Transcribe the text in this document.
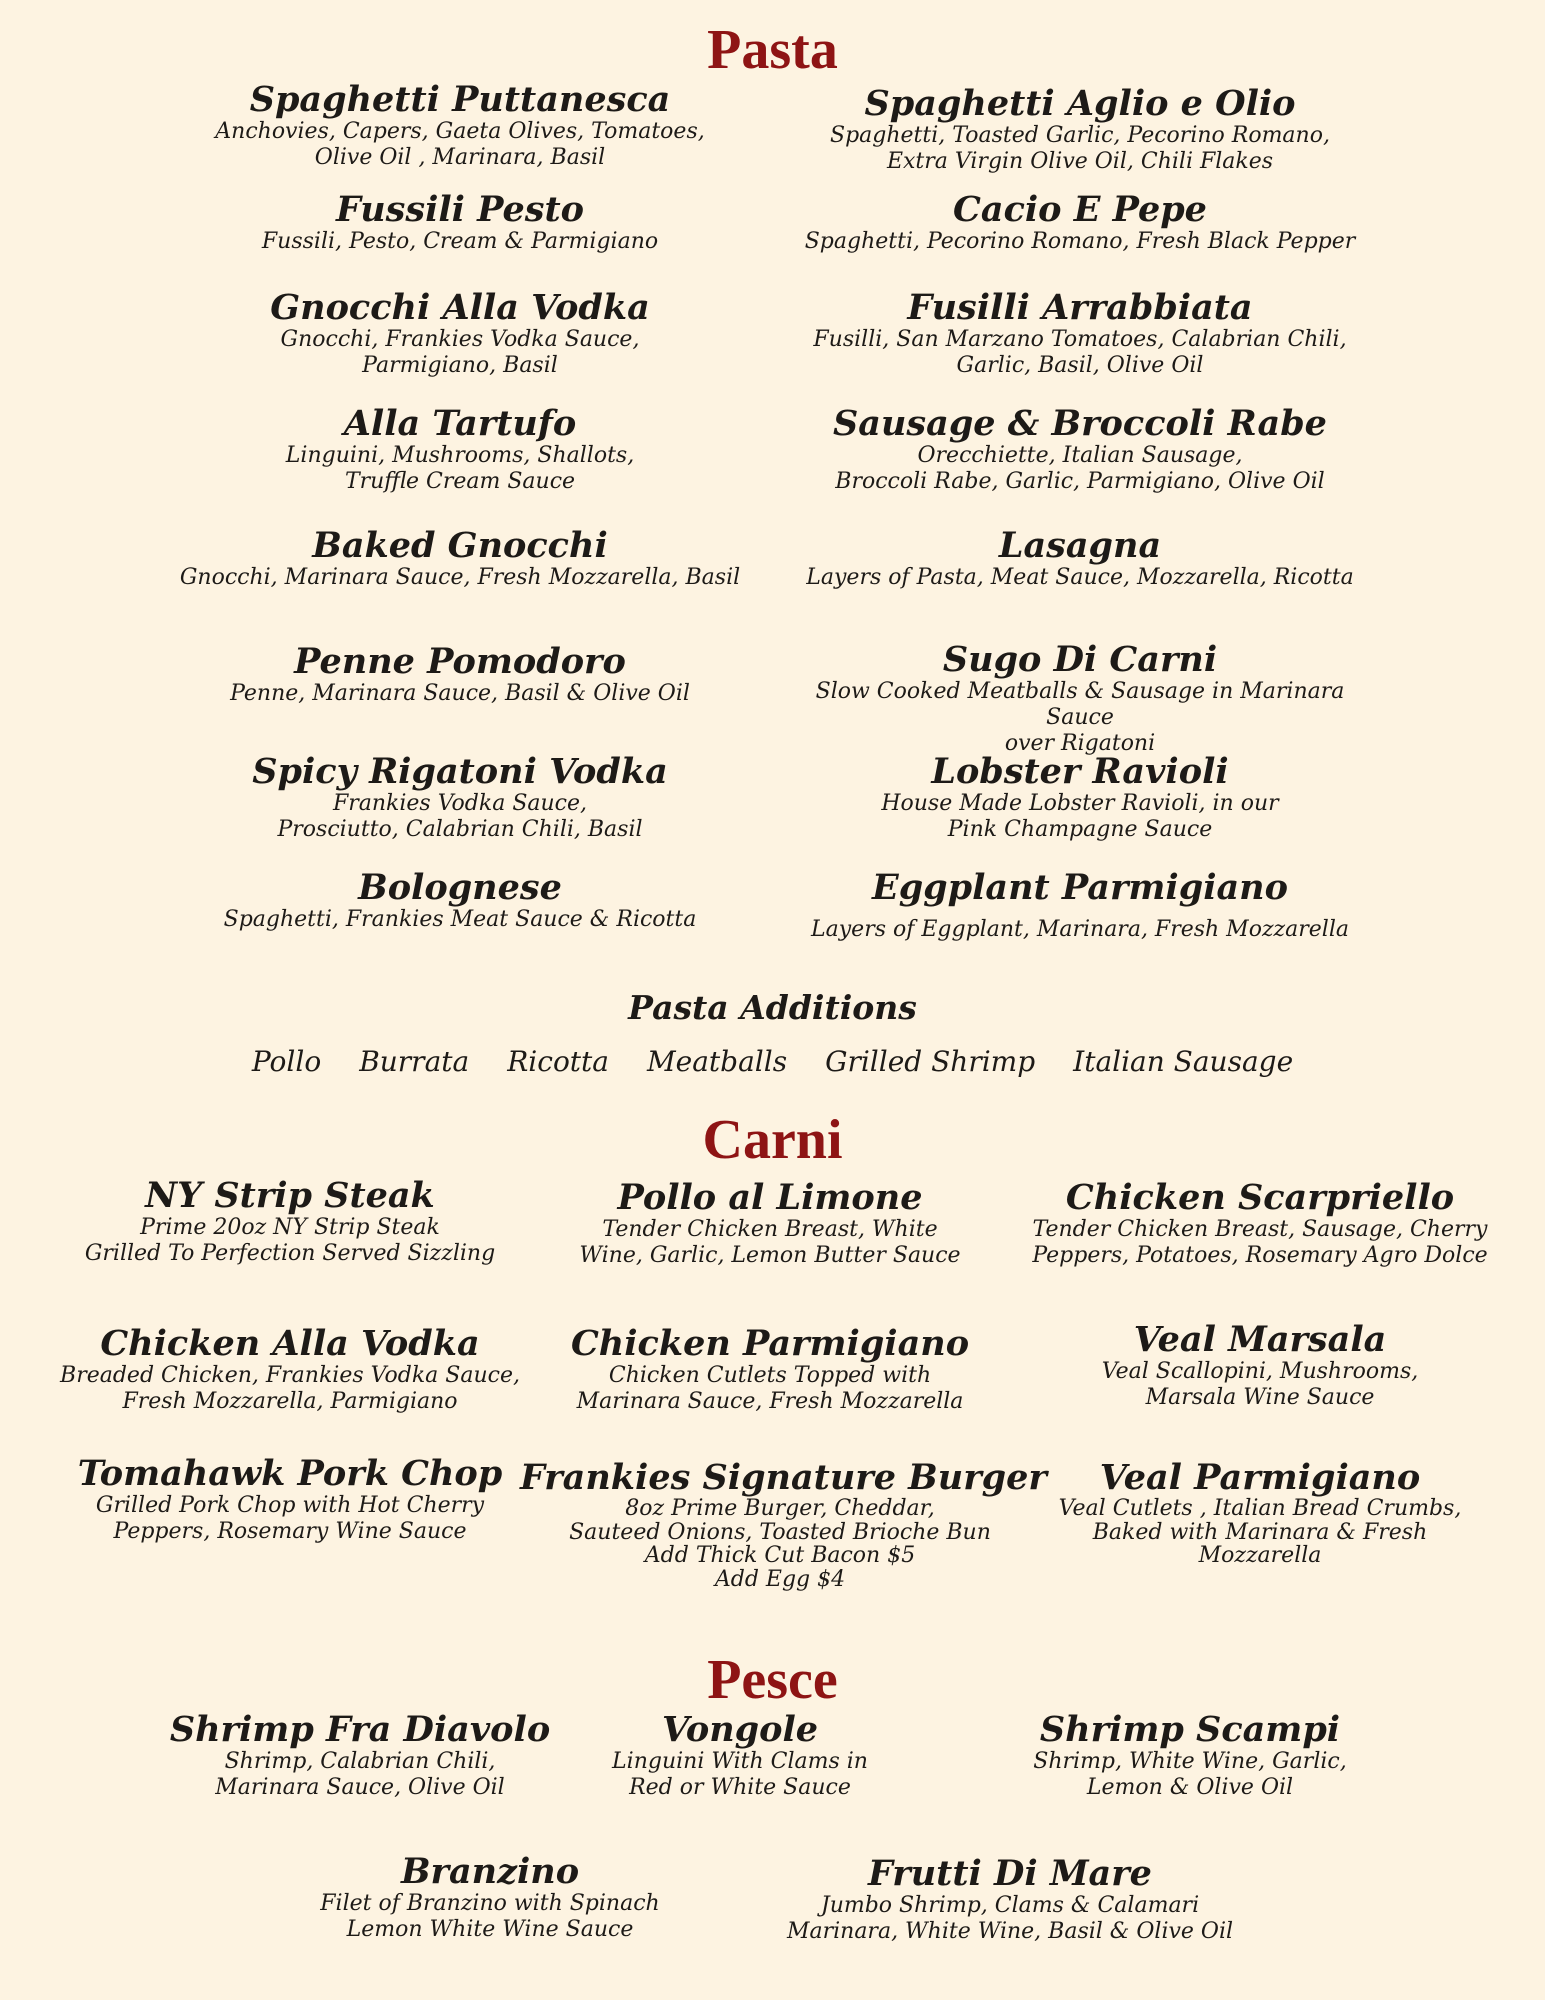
Pasta
Spaghetti Puttanesca
Anchovies, Capers, Gaeta Olives, Tomatoes,
Olive Oil , Marinara, Basil
Spaghetti Aglio e Olio
Spaghetti, Toasted Garlic, Pecorino Romano,
Extra Virgin Olive Oil, Chili Flakes
Fussili Pesto
Fussili, Pesto, Cream & Parmigiano
Cacio E Pepe
Spaghetti, Pecorino Romano, Fresh Black Pepper
Gnocchi Alla Vodka
Gnocchi, Frankies Vodka Sauce,
Parmigiano, Basil
Fusilli Arrabbiata
Fusilli, San Marzano Tomatoes, Calabrian Chili,
Garlic, Basil, Olive Oil
Alla Tartufo
Linguini, Mushrooms, Shallots,
Truffle Cream Sauce
Sausage & Broccoli Rabe
Orecchiette, Italian Sausage,
Broccoli Rabe, Garlic, Parmigiano, Olive Oil
Baked Gnocchi
Gnocchi, Marinara Sauce, Fresh Mozzarella, Basil
Lasagna
Layers of Pasta, Meat Sauce, Mozzarella, Ricotta
Penne Pomodoro
Penne, Marinara Sauce, Basil & Olive Oil
Sugo Di Carni
Slow Cooked Meatballs & Sausage in Marinara Sauce
over Rigatoni
Spicy Rigatoni Vodka
Frankies Vodka Sauce,
Prosciutto, Calabrian Chili, Basil
Lobster Ravioli
House Made Lobster Ravioli, in our
Pink Champagne Sauce
Bolognese
Spaghetti, Frankies Meat Sauce & Ricotta
Eggplant Parmigiano
Layers of Eggplant, Marinara, Fresh Mozzarella
Pasta Additions
Pollo Burrata Ricotta Meatballs Grilled Shrimp Italian Sausage
Carni
NY Strip Steak
Prime 20oz NY Strip Steak
Grilled To Perfection Served Sizzling
Pollo al Limone
Tender Chicken Breast, White
Wine, Garlic, Lemon Butter Sauce
Chicken Scarpriello
Tender Chicken Breast, Sausage, Cherry
Peppers, Potatoes, Rosemary Agro Dolce
Chicken Alla Vodka
Breaded Chicken, Frankies Vodka Sauce,
Fresh Mozzarella, Parmigiano
Chicken Parmigiano
Chicken Cutlets Topped with
Marinara Sauce, Fresh Mozzarella
Veal Marsala
Veal Scallopini, Mushrooms,
Marsala Wine Sauce
Tomahawk Pork Chop
Grilled Pork Chop with Hot Cherry
Peppers, Rosemary Wine Sauce
Frankies Signature Burger
8oz Prime Burger, Cheddar,
Sauteed Onions, Toasted Brioche Bun
Add Thick Cut Bacon $5
Add Egg $4
Veal Parmigiano
Veal Cutlets , Italian Bread Crumbs,
Baked with Marinara & Fresh
Mozzarella
Pesce
Shrimp Fra Diavolo
Shrimp, Calabrian Chili,
Marinara Sauce, Olive Oil
Vongole
Linguini With Clams in
Red or White Sauce
Shrimp Scampi
Shrimp, White Wine, Garlic,
Lemon & Olive Oil
Branzino
Filet of Branzino with Spinach
Lemon White Wine Sauce
Frutti Di Mare
Jumbo Shrimp, Clams & Calamari
Marinara, White Wine, Basil & Olive Oil
